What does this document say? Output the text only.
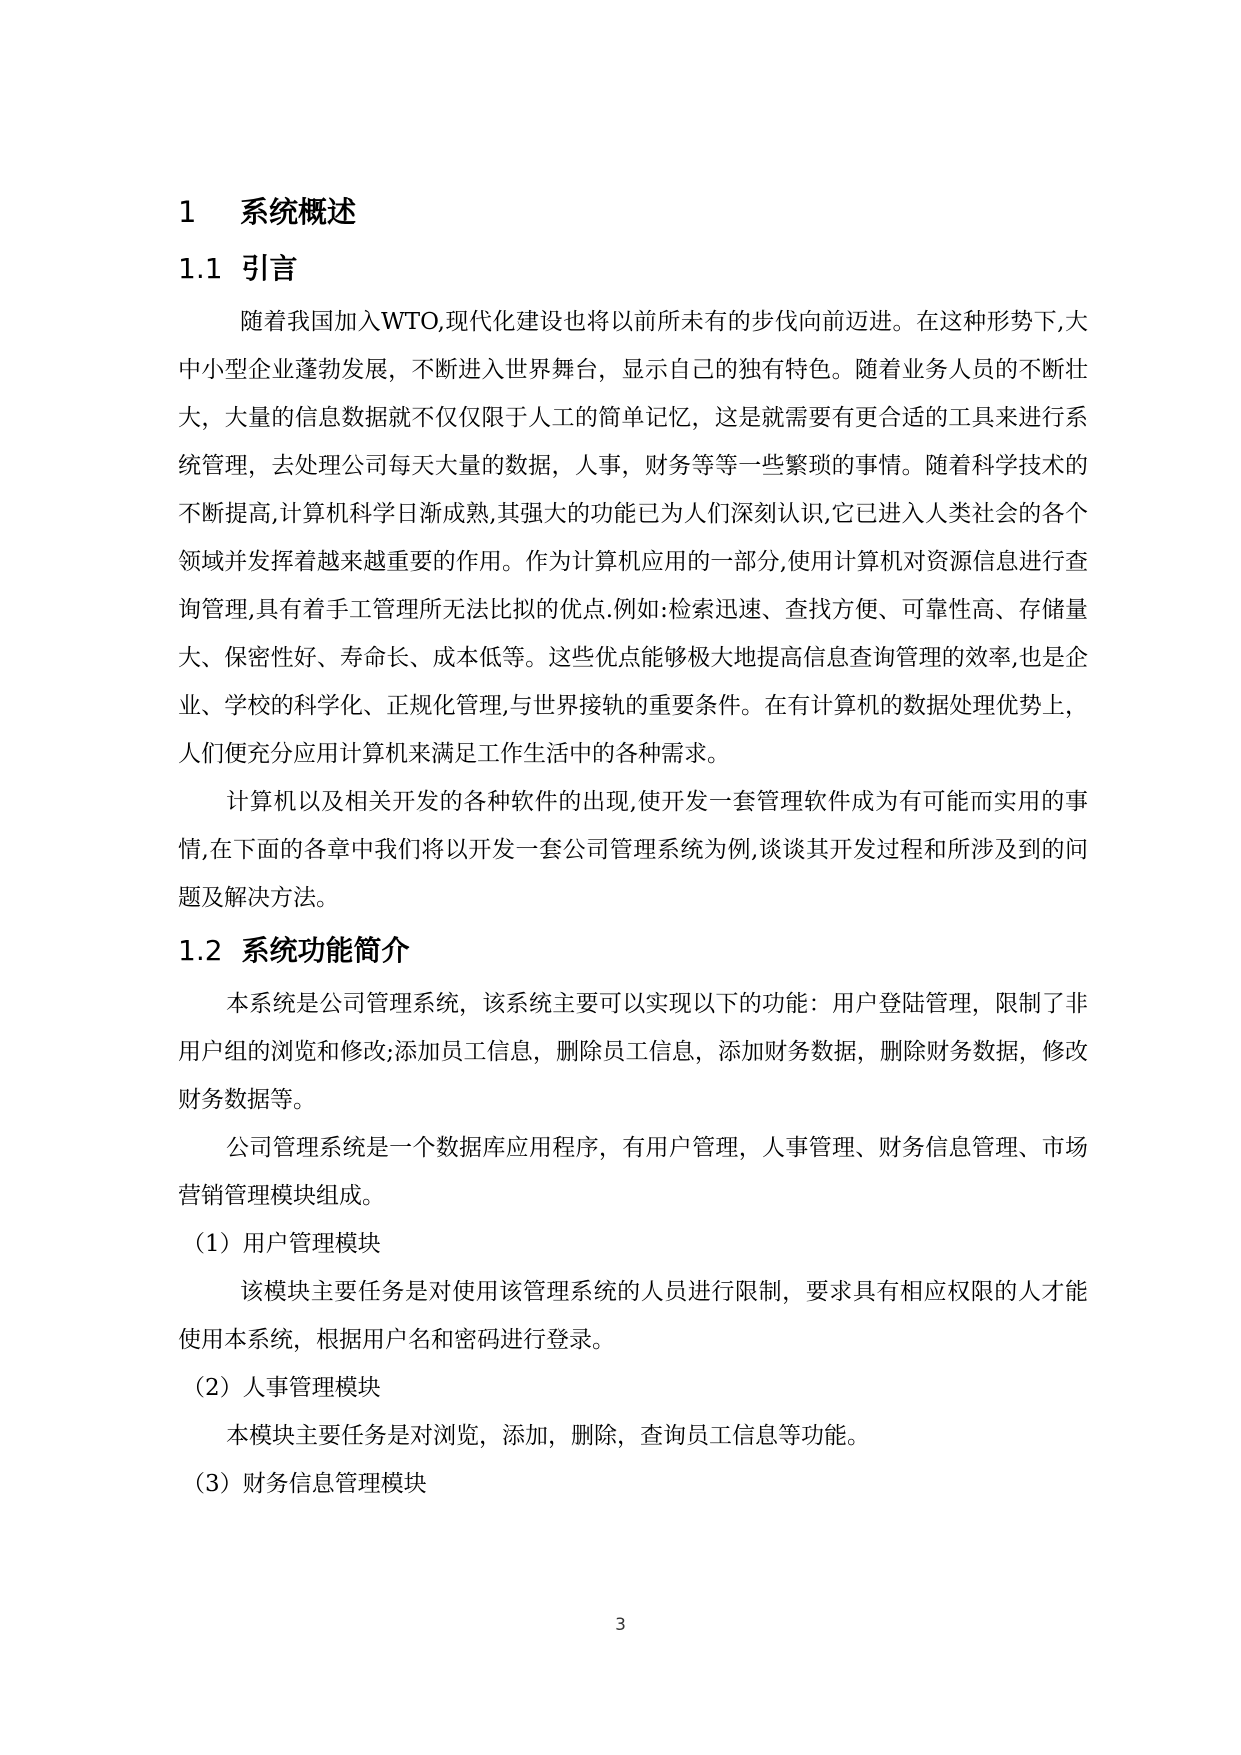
1	系统概述
1.1 引言

随着我国加入WTO,现代化建设也将以前所未有的步伐向前迈进。在这种形势下,大中小型企业蓬勃发展，不断进入世界舞台，显示自己的独有特色。随着业务人员的不断壮大，大量的信息数据就不仅仅限于人工的简单记忆，这是就需要有更合适的工具来进行系统管理，去处理公司每天大量的数据，人事，财务等等一些繁琐的事情。随着科学技术的不断提高,计算机科学日渐成熟,其强大的功能已为人们深刻认识,它已进入人类社会的各个领域并发挥着越来越重要的作用。作为计算机应用的一部分,使用计算机对资源信息进行查询管理,具有着手工管理所无法比拟的优点.例如:检索迅速、查找方便、可靠性高、存储量大、保密性好、寿命长、成本低等。这些优点能够极大地提高信息查询管理的效率,也是企业、学校的科学化、正规化管理,与世界接轨的重要条件。在有计算机的数据处理优势上，人们便充分应用计算机来满足工作生活中的各种需求。

计算机以及相关开发的各种软件的出现,使开发一套管理软件成为有可能而实用的事情,在下面的各章中我们将以开发一套公司管理系统为例,谈谈其开发过程和所涉及到的问题及解决方法。

1.2 系统功能简介

本系统是公司管理系统，该系统主要可以实现以下的功能：用户登陆管理，限制了非用户组的浏览和修改;添加员工信息，删除员工信息，添加财务数据，删除财务数据，修改财务数据等。

公司管理系统是一个数据库应用程序，有用户管理，人事管理、财务信息管理、市场营销管理模块组成。

（1）用户管理模块

该模块主要任务是对使用该管理系统的人员进行限制，要求具有相应权限的人才能使用本系统，根据用户名和密码进行登录。

（2）人事管理模块

本模块主要任务是对浏览，添加，删除，查询员工信息等功能。

（3）财务信息管理模块

3
